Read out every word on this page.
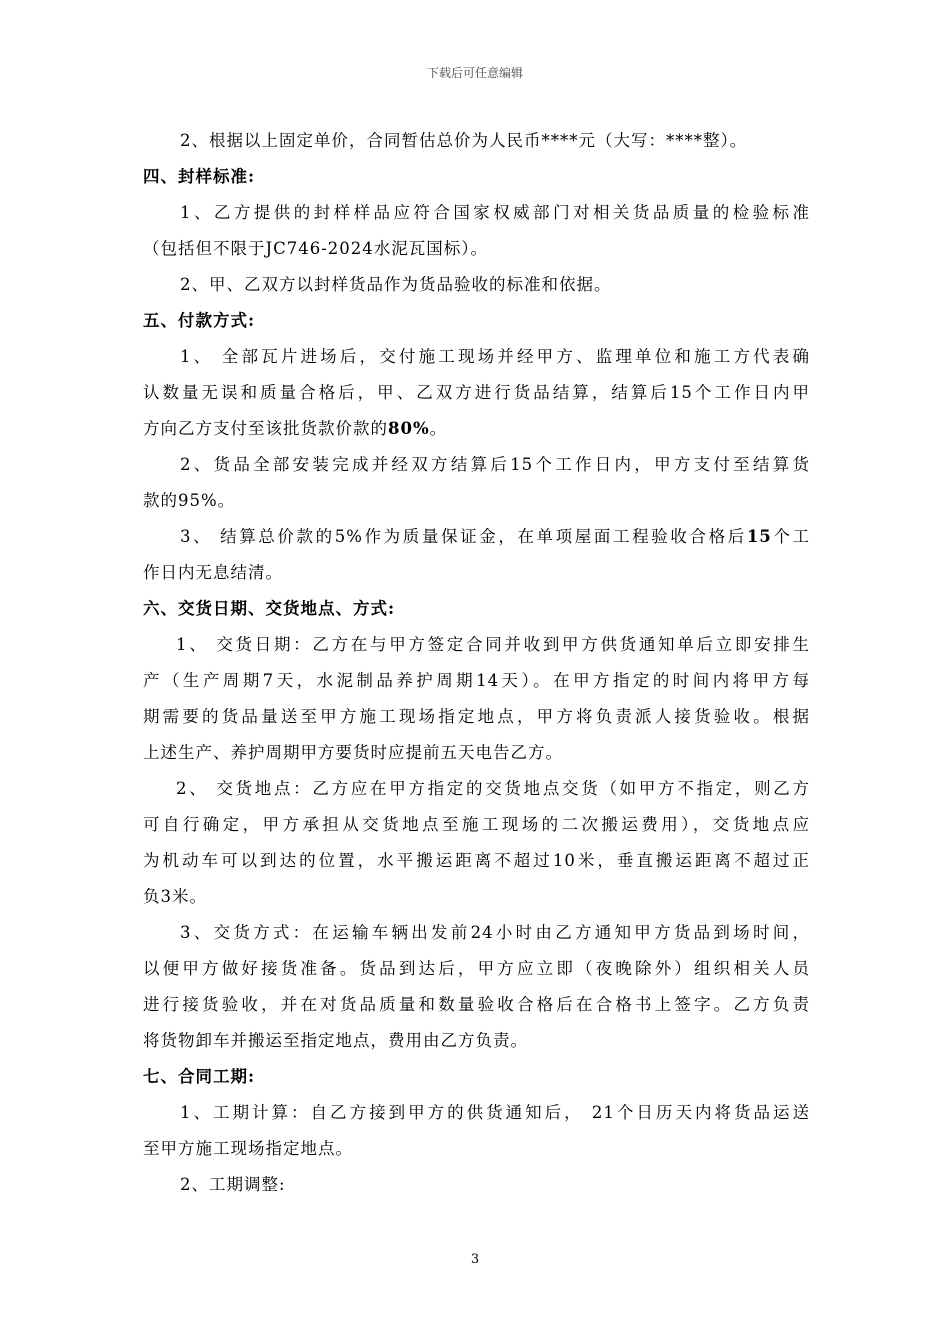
下载后可任意编辑
2、根据以上固定单价，合同暂估总价为人民币****元（大写：****整）。
四、封样标准:
1、乙方提供的封样样品应符合国家权威部门对相关货品质量的检验标准
（包括但不限于JC746-2024水泥瓦国标）。
2、甲、乙双方以封样货品作为货品验收的标准和依据。
五、付款方式:
1、 全部瓦片进场后，交付施工现场并经甲方、监理单位和施工方代表确
认数量无误和质量合格后，甲、乙双方进行货品结算，结算后15个工作日内甲
方向乙方支付至该批货款价款的80%。
2、货品全部安装完成并经双方结算后15个工作日内，甲方支付至结算货
款的95%。
3、 结算总价款的5%作为质量保证金，在单项屋面工程验收合格后15个工
作日内无息结清。
六、交货日期、交货地点、方式:
1、 交货日期：乙方在与甲方签定合同并收到甲方供货通知单后立即安排生
产（生产周期7天，水泥制品养护周期14天）。在甲方指定的时间内将甲方每
期需要的货品量送至甲方施工现场指定地点，甲方将负责派人接货验收。根据
上述生产、养护周期甲方要货时应提前五天电告乙方。
2、 交货地点：乙方应在甲方指定的交货地点交货（如甲方不指定，则乙方
可自行确定，甲方承担从交货地点至施工现场的二次搬运费用），交货地点应
为机动车可以到达的位置，水平搬运距离不超过10米，垂直搬运距离不超过正
负3米。
3、交货方式：在运输车辆出发前24小时由乙方通知甲方货品到场时间，
以便甲方做好接货准备。货品到达后，甲方应立即（夜晚除外）组织相关人员
进行接货验收，并在对货品质量和数量验收合格后在合格书上签字。乙方负责
将货物卸车并搬运至指定地点，费用由乙方负责。
七、合同工期:
1、工期计算：自乙方接到甲方的供货通知后， 21个日历天内将货品运送
至甲方施工现场指定地点。
2、工期调整:
3
